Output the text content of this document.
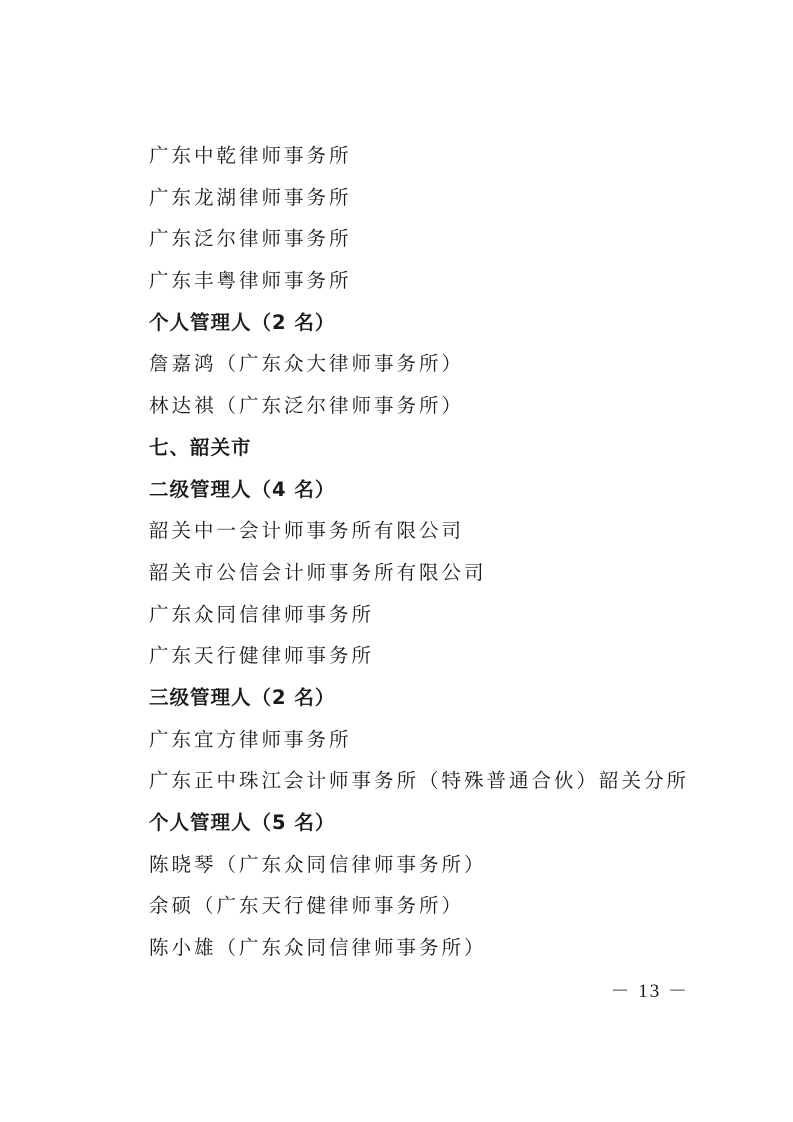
广东中乾律师事务所
广东龙湖律师事务所
广东泛尔律师事务所
广东丰粤律师事务所
个人管理人（2 名）
詹嘉鸿（广东众大律师事务所）
林达祺（广东泛尔律师事务所）
七、韶关市
二级管理人（4 名）
韶关中一会计师事务所有限公司
韶关市公信会计师事务所有限公司
广东众同信律师事务所
广东天行健律师事务所
三级管理人（2 名）
广东宜方律师事务所
广东正中珠江会计师事务所（特殊普通合伙）韶关分所
个人管理人（5 名）
陈晓琴（广东众同信律师事务所）
余硕（广东天行健律师事务所）
陈小雄（广东众同信律师事务所）
－ 13 －
